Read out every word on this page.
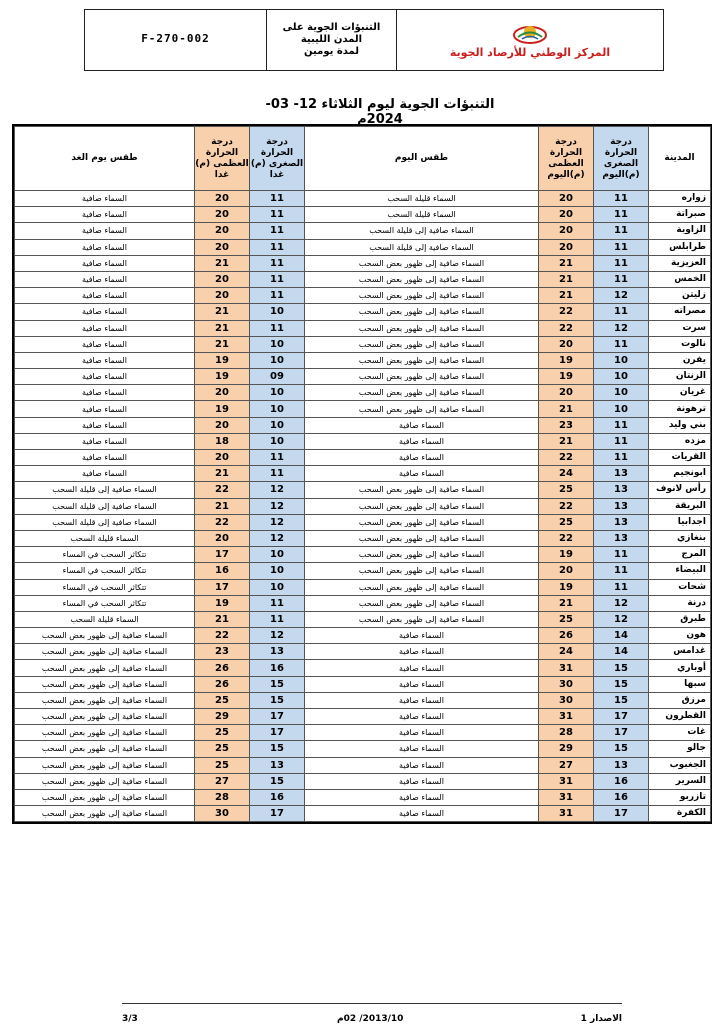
F-270-002
التنبؤات الجوية على المدن الليبية
لمدة يومين	المركز الوطني للأرصاد الجوية
التنبؤات الجوية ليوم الثلاثاء 12- 03-2024م
المدينة	درجة الحرارة الصغرى (م)اليوم	درجة الحرارة العظمى (م)اليوم	طقس اليوم	درجة الحرارة الصغرى (م) غدا	درجة الحرارة العظمى (م) غدا	طقس يوم الغد
زواره	11	20	السماء قليلة السحب	11	20	السماء صافية
صبراتة	11	20	السماء قليلة السحب	11	20	السماء صافية
الزاوية	11	20	السماء صافية إلى قليلة السحب	11	20	السماء صافية
طرابلس	11	20	السماء صافية إلى قليلة السحب	11	20	السماء صافية
العزيزية	11	21	السماء صافية إلى ظهور بعض السحب	11	21	السماء صافية
الخمس	11	21	السماء صافية إلى ظهور بعض السحب	11	20	السماء صافية
زليتن	12	21	السماء صافية إلى ظهور بعض السحب	11	20	السماء صافية
مصراته	11	22	السماء صافية إلى ظهور بعض السحب	10	21	السماء صافية
سرت	12	22	السماء صافية إلى ظهور بعض السحب	11	21	السماء صافية
نالوت	11	20	السماء صافية إلى ظهور بعض السحب	10	21	السماء صافية
يفرن	10	19	السماء صافية إلى ظهور بعض السحب	10	19	السماء صافية
الزنتان	10	19	السماء صافية إلى ظهور بعض السحب	09	19	السماء صافية
غريان	10	20	السماء صافية إلى ظهور بعض السحب	10	20	السماء صافية
ترهونة	10	21	السماء صافية إلى ظهور بعض السحب	10	19	السماء صافية
بني وليد	11	23	السماء صافية	10	20	السماء صافية
مزده	11	21	السماء صافية	10	18	السماء صافية
القريات	11	22	السماء صافية	11	20	السماء صافية
ابونجيم	13	24	السماء صافية	11	21	السماء صافية
رأس لانوف	13	25	السماء صافية إلى ظهور بعض السحب	12	22	السماء صافية إلى قليلة السحب
البريقة	13	22	السماء صافية إلى ظهور بعض السحب	12	21	السماء صافية إلى قليلة السحب
اجدابيا	13	25	السماء صافية إلى ظهور بعض السحب	12	22	السماء صافية إلى قليلة السحب
بنغازي	13	22	السماء صافية إلى ظهور بعض السحب	12	20	السماء قليلة السحب
المرج	11	19	السماء صافية إلى ظهور بعض السحب	10	17	تتكاثر السحب في المساء
البيضاء	11	20	السماء صافية إلى ظهور بعض السحب	10	16	تتكاثر السحب في المساء
شحات	11	19	السماء صافية إلى ظهور بعض السحب	10	17	تتكاثر السحب في المساء
درنة	12	21	السماء صافية إلى ظهور بعض السحب	11	19	تتكاثر السحب في المساء
طبرق	12	25	السماء صافية إلى ظهور بعض السحب	11	21	السماء قليلة السحب
هون	14	26	السماء صافية	12	22	السماء صافية إلى ظهور بعض السحب
غدامس	14	24	السماء صافية	13	23	السماء صافية إلى ظهور بعض السحب
أوباري	15	31	السماء صافية	16	26	السماء صافية إلى ظهور بعض السحب
سبها	15	30	السماء صافية	15	26	السماء صافية إلى ظهور بعض السحب
مرزق	15	30	السماء صافية	15	25	السماء صافية إلى ظهور بعض السحب
القطرون	17	31	السماء صافية	17	29	السماء صافية إلى ظهور بعض السحب
غات	17	28	السماء صافية	17	25	السماء صافية إلى ظهور بعض السحب
جالو	15	29	السماء صافية	15	25	السماء صافية إلى ظهور بعض السحب
الجغبوب	13	27	السماء صافية	13	25	السماء صافية إلى ظهور بعض السحب
السرير	16	31	السماء صافية	15	27	السماء صافية إلى ظهور بعض السحب
تازربو	16	31	السماء صافية	16	28	السماء صافية إلى ظهور بعض السحب
الكفرة	17	31	السماء صافية	17	30	السماء صافية إلى ظهور بعض السحب
3/3	2013/10/ 02م	الاصدار 1
